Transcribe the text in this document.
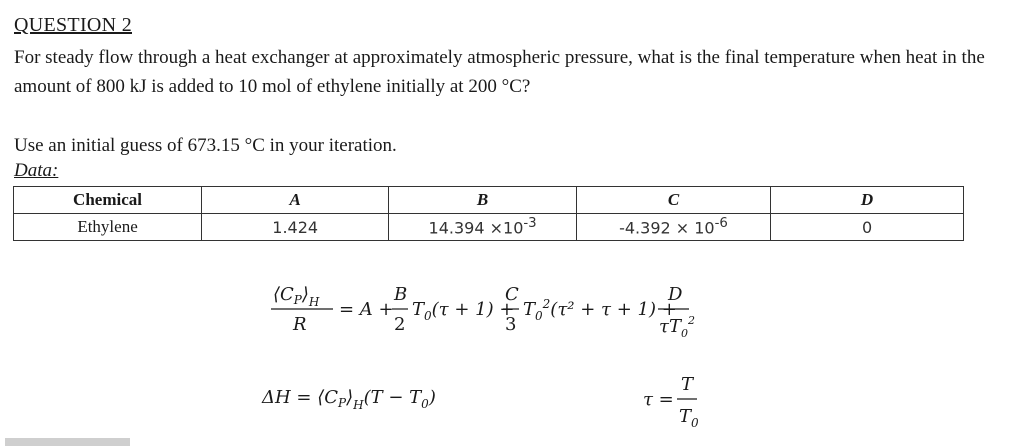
QUESTION 2
For steady flow through a heat exchanger at approximately atmospheric pressure, what is the final temperature when heat in the amount of 800 kJ is added to 10 mol of ethylene initially at 200 °C?
Use an initial guess of 673.15 °C in your iteration.
Data:
Chemical	A	B	C	D
Ethylene	1.424	$14.394 \times 10^{-3}$	$-4.392 \times 10^{-6}$	0
$⟨C_P⟩_H$
R
= A +
B
2
$T_0(\tau + 1)$ +
C
3
$T_0^2(\tau^2 + \tau + 1)$ +
D
$\tau T_0^2$
$\Delta H = ⟨C_P⟩_H(T - T_0)$	τ =
T
$T_0$
